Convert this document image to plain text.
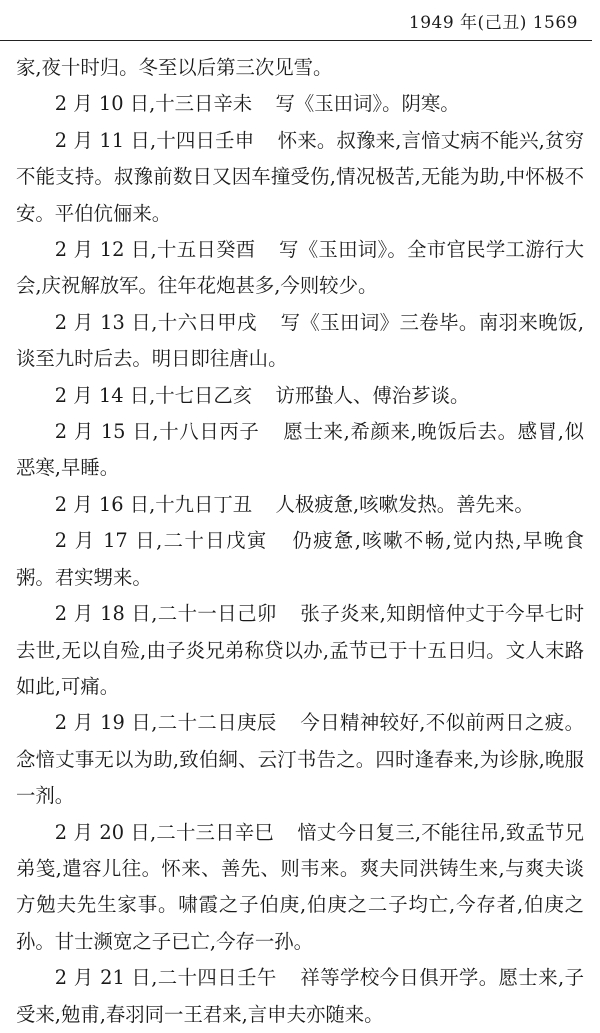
1949 年(己丑) 1569

家,夜十时归。冬至以后第三次见雪。

2 月 10 日,十三日辛未 写《玉田词》。阴寒。

2 月 11 日,十四日壬申 怀来。叔豫来,言愔丈病不能兴,贫穷不能支持。叔豫前数日又因车撞受伤,情况极苦,无能为助,中怀极不安。平伯伉俪来。

2 月 12 日,十五日癸酉 写《玉田词》。全市官民学工游行大会,庆祝解放军。往年花炮甚多,今则较少。

2 月 13 日,十六日甲戌 写《玉田词》三卷毕。南羽来晚饭,谈至九时后去。明日即往唐山。

2 月 14 日,十七日乙亥 访邢蛰人、傅治芗谈。

2 月 15 日,十八日丙子 愿士来,希颜来,晚饭后去。感冒,似恶寒,早睡。

2 月 16 日,十九日丁丑 人极疲惫,咳嗽发热。善先来。

2 月 17 日,二十日戊寅 仍疲惫,咳嗽不畅,觉内热,早晚食粥。君实甥来。

2 月 18 日,二十一日己卯 张子炎来,知朗愔仲丈于今早七时去世,无以自殓,由子炎兄弟称贷以办,孟节已于十五日归。文人末路如此,可痛。

2 月 19 日,二十二日庚辰 今日精神较好,不似前两日之疲。念愔丈事无以为助,致伯絅、云汀书告之。四时逢春来,为诊脉,晚服一剂。

2 月 20 日,二十三日辛巳 愔丈今日复三,不能往吊,致孟节兄弟笺,遣容儿往。怀来、善先、则韦来。爽夫同洪铸生来,与爽夫谈方勉夫先生家事。啸霞之子伯庚,伯庚之二子均亡,今存者,伯庚之孙。甘士濒宽之子已亡,今存一孙。

2 月 21 日,二十四日壬午 祥等学校今日俱开学。愿士来,子受来,勉甫,春羽同一王君来,言申夫亦随来。
